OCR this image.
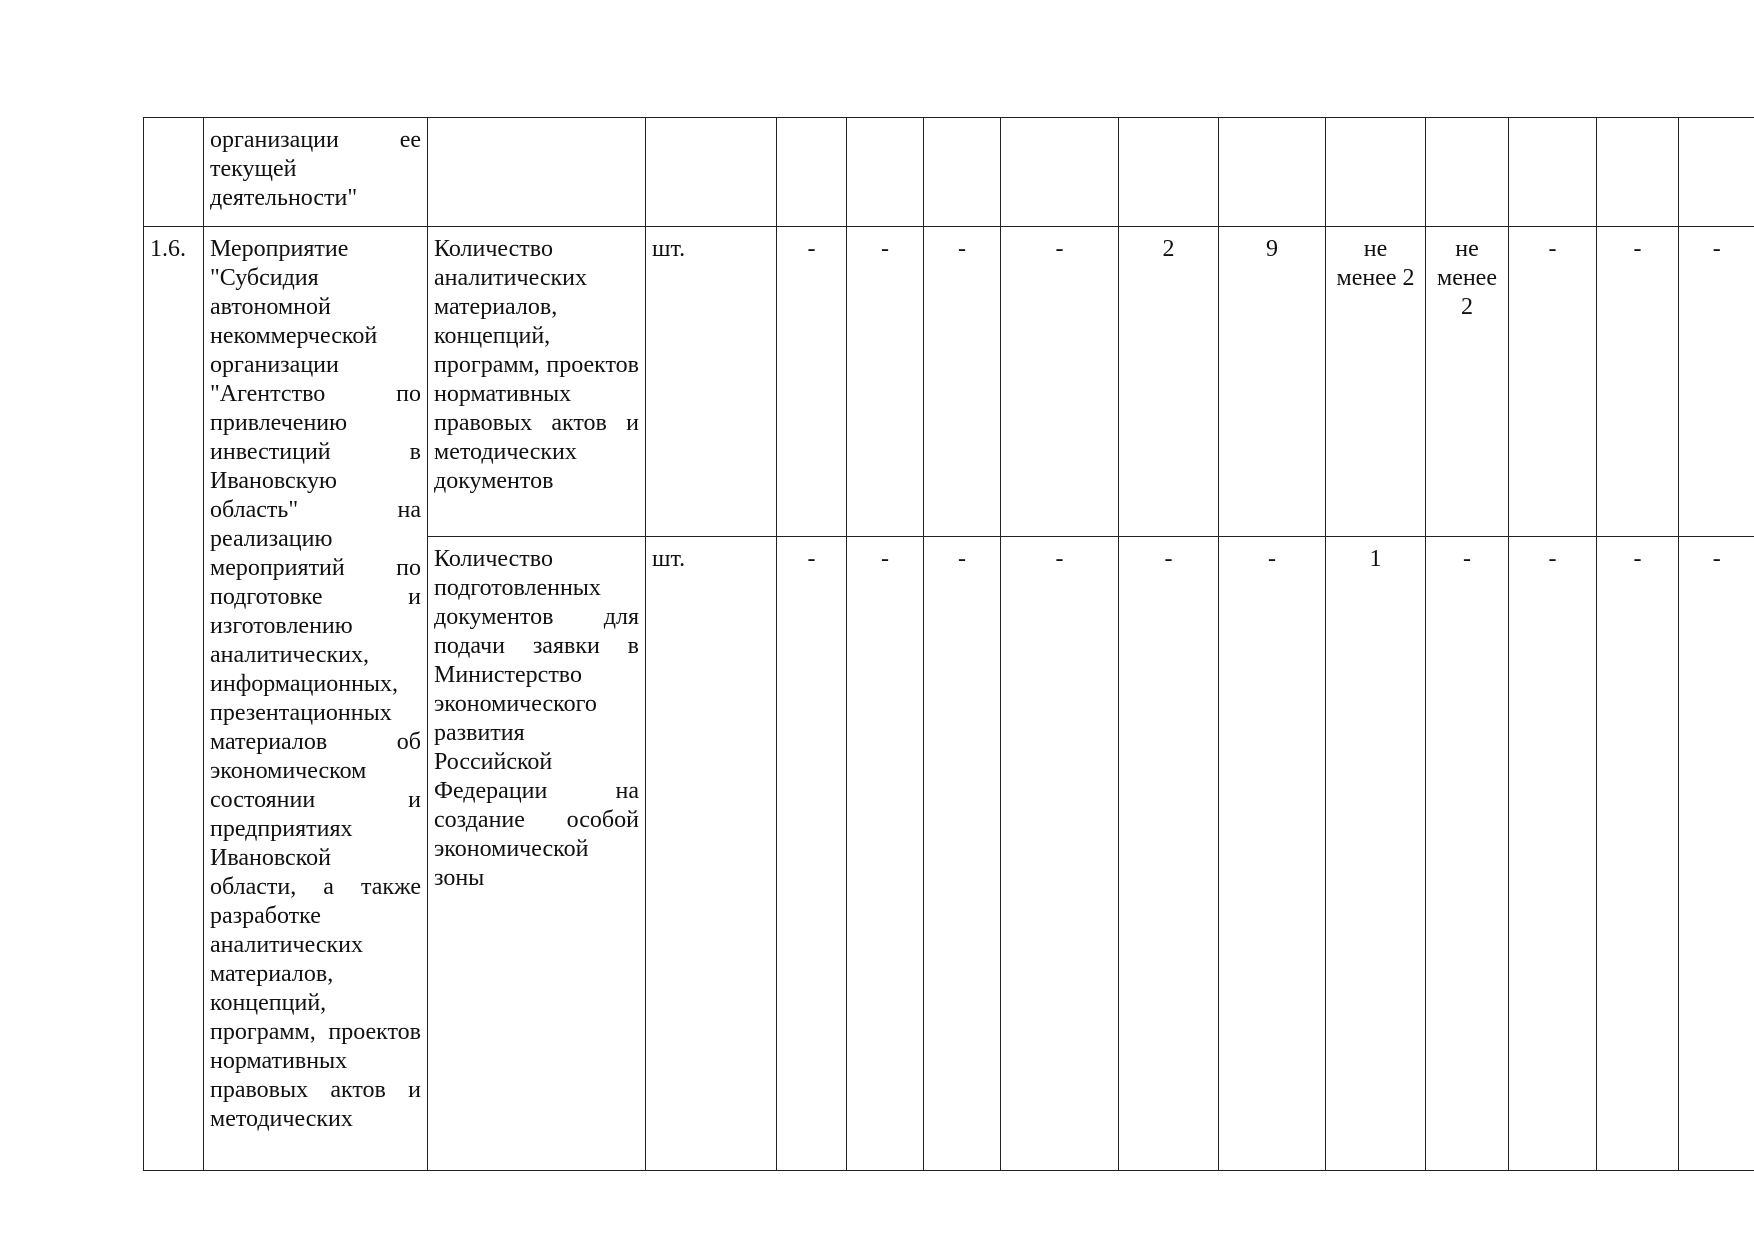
	организации ее текущей деятельности"													
1.6.	Мероприятие "Субсидия автономной некоммерческой организации "Агентство по привлечению инвестиций в Ивановскую область" на реализацию мероприятий по подготовке и изготовлению аналитических, информационных, презентационных материалов об экономическом состоянии и предприятиях Ивановской области, а также разработке аналитических материалов, концепций, программ, проектов нормативных правовых актов и методических	Количество аналитических материалов, концепций, программ, проектов нормативных правовых актов и методических документов	шт.	-	-	-	-	2	9	не менее 2	не менее 2	-	-	-
		Количество подготовленных документов для подачи заявки в Министерство экономического развития Российской Федерации на создание особой экономической зоны	шт.	-	-	-	-	-	-	1	-	-	-	-
